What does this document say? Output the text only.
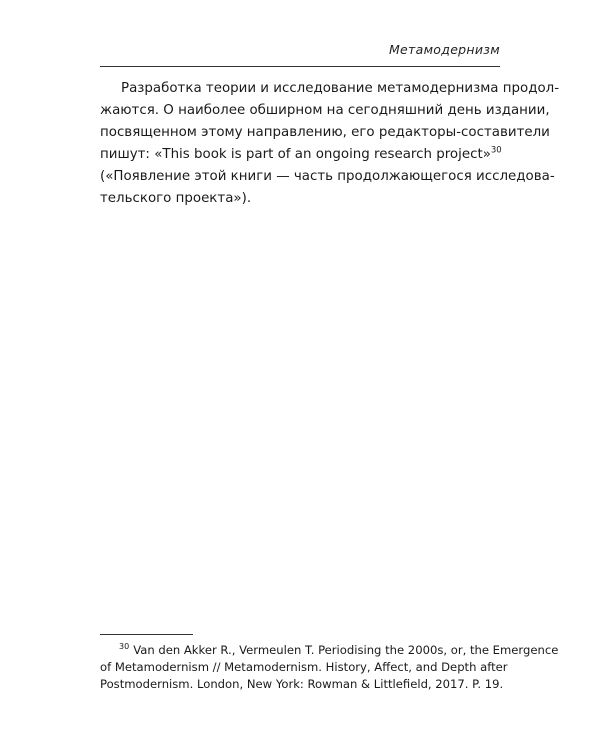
Метамодернизм
Разработка теории и исследование метамодернизма продол-
жаются. О наиболее обширном на сегодняшний день издании,
посвященном этому направлению, его редакторы-составители
пишут: «This book is part of an ongoing research project»$^{30}$
(«Появление этой книги — часть продолжающегося исследова-
тельского проекта»).
$^{30}$ Van den Akker R., Vermeulen T. Periodising the 2000s, or, the Emergence
of Metamodernism // Metamodernism. History, Affect, and Depth after
Postmodernism. London, New York: Rowman & Littlefield, 2017. P. 19.
